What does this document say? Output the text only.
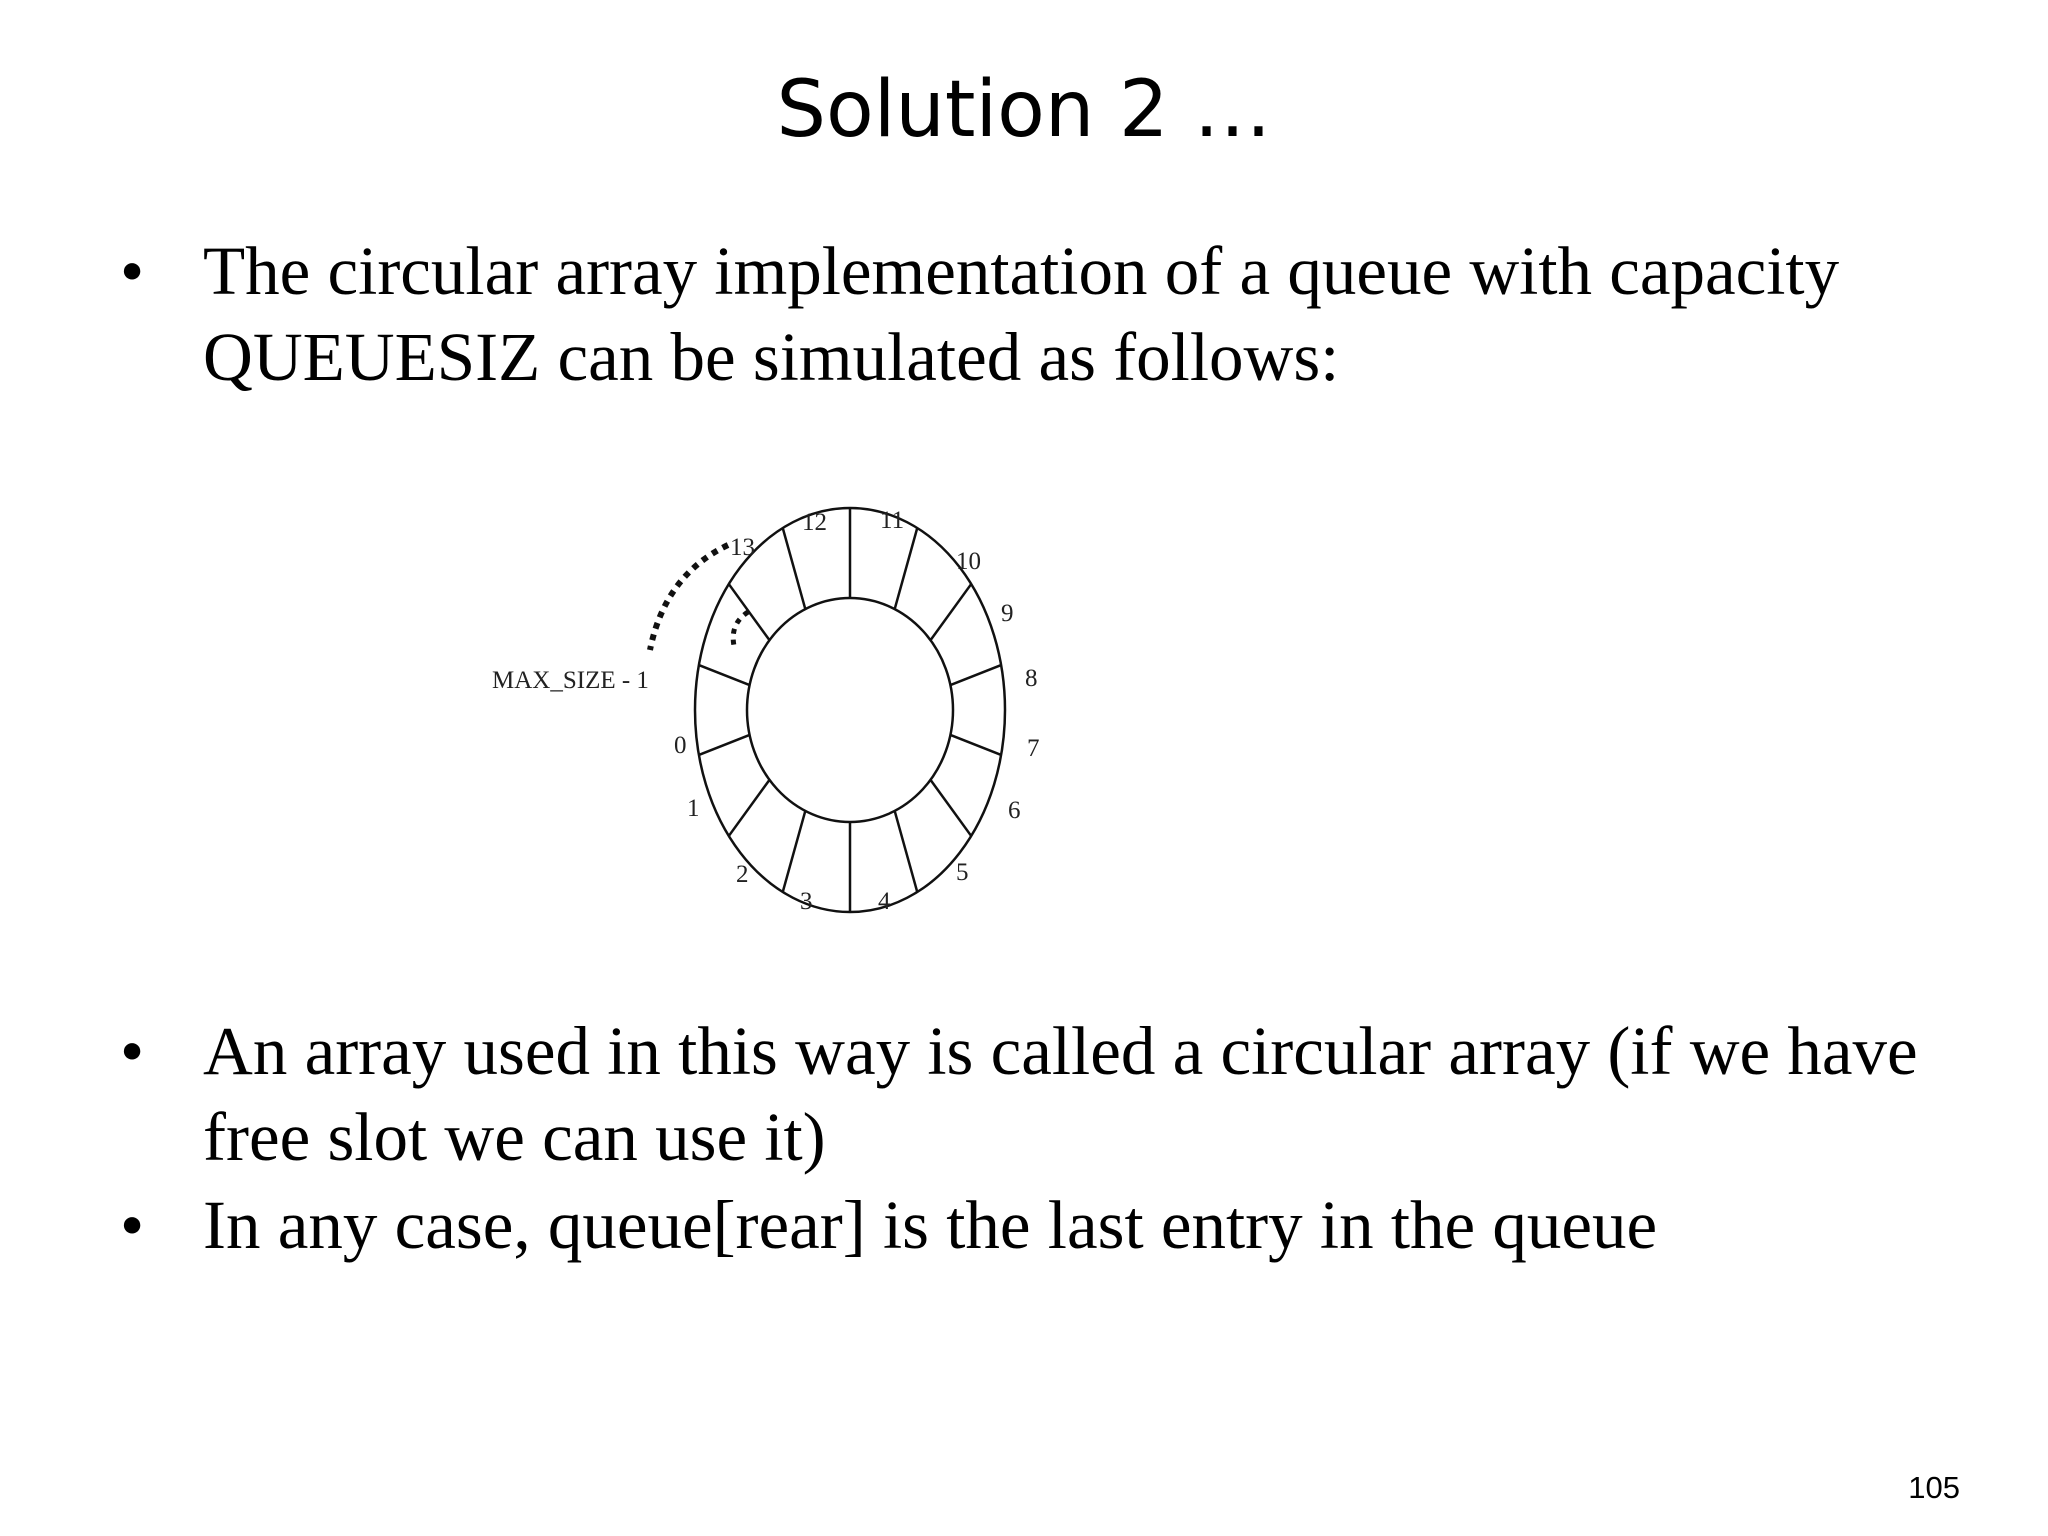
Solution 2 …
• The circular array implementation of a queue with capacity QUEUESIZ can be simulated as follows:
• An array used in this way is called a circular array (if we have free slot we can use it)
• In any case, queue[rear] is the last entry in the queue
MAX_SIZE - 1
0
1
2
3	4
5
6
7
8
9
10
11
12
13
105
